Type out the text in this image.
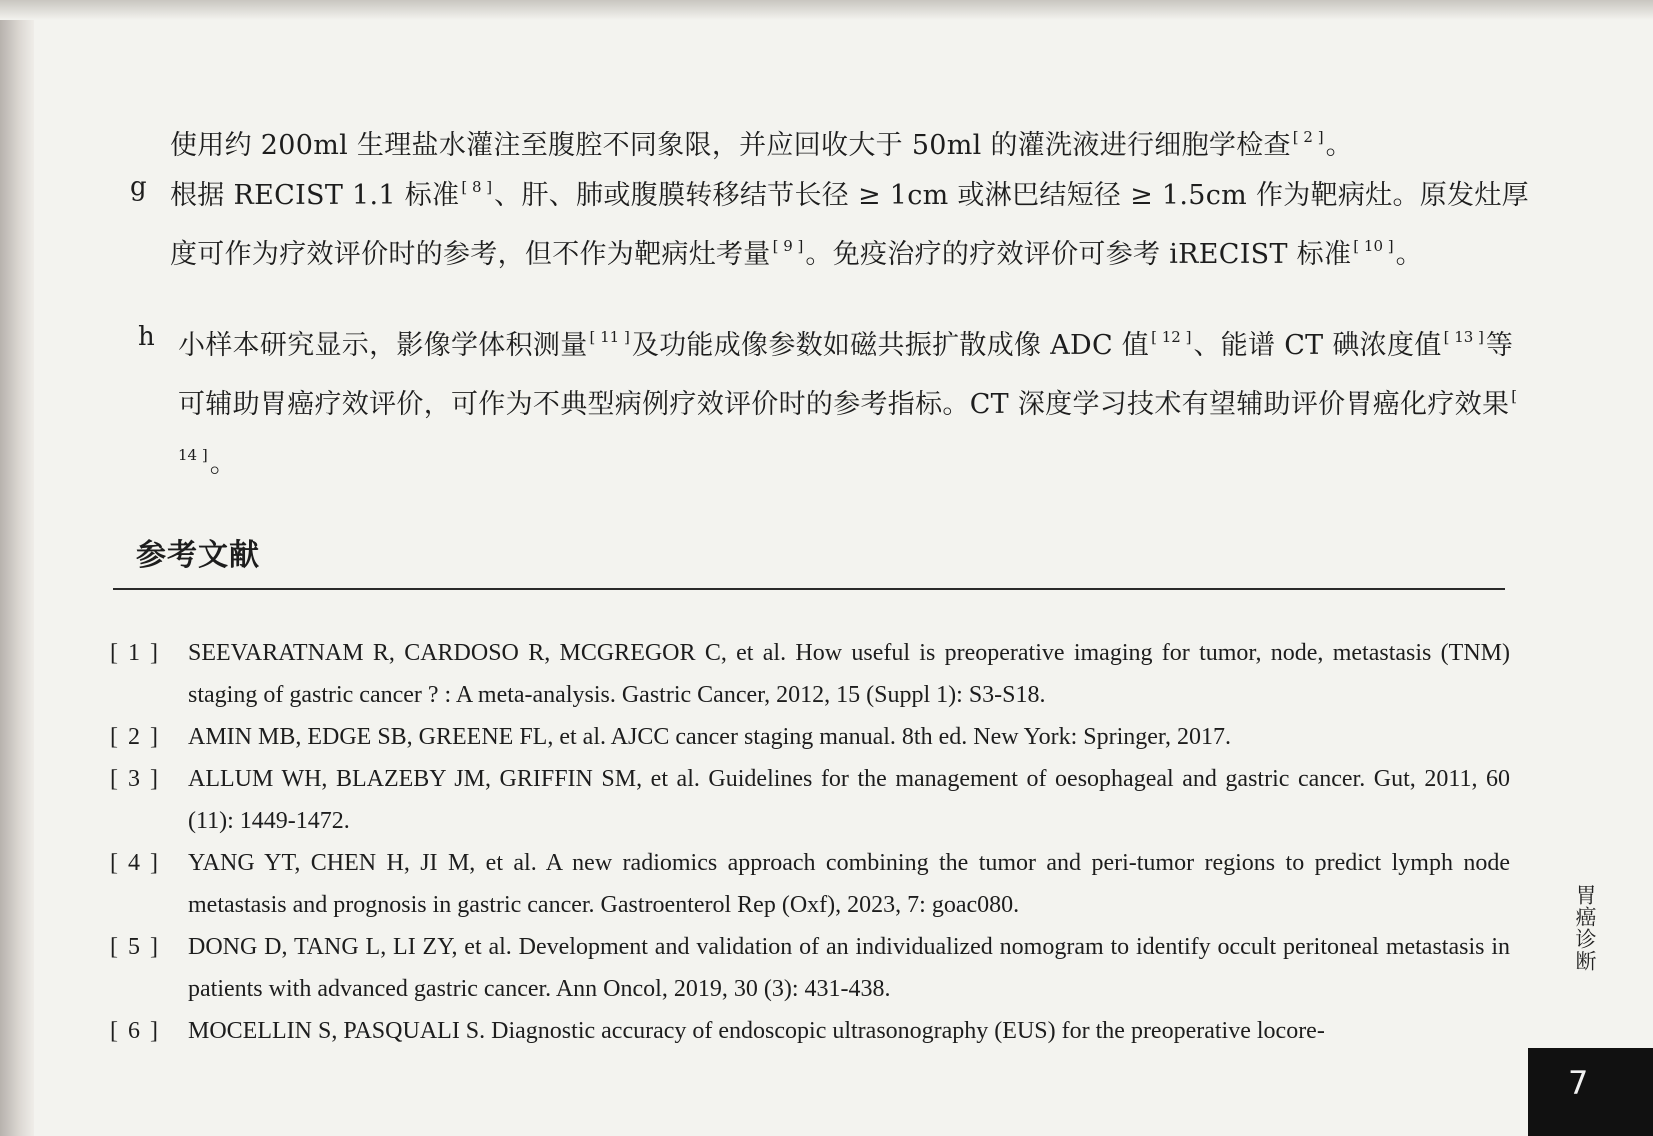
使用约 200ml 生理盐水灌注至腹腔不同象限，并应回收大于 50ml 的灌洗液进行细胞学检查 [ 2 ]。
g 根据 RECIST 1.1 标准 [ 8 ]、肝、肺或腹膜转移结节长径 ≥ 1cm 或淋巴结短径 ≥ 1.5cm 作为靶病灶。原发灶厚度可作为疗效评价时的参考，但不作为靶病灶考量 [ 9 ]。免疫治疗的疗效评价可参考 iRECIST 标准 [ 10 ]。
h 小样本研究显示，影像学体积测量 [ 11 ]及功能成像参数如磁共振扩散成像 ADC 值 [ 12 ]、能谱 CT 碘浓度值 [ 13 ]等可辅助胃癌疗效评价，可作为不典型病例疗效评价时的参考指标。CT 深度学习技术有望辅助评价胃癌化疗效果 [ 14 ]。
参考文献
[ 1 ]	SEEVARATNAM R, CARDOSO R, MCGREGOR C, et al. How useful is preoperative imaging for tumor, node, metastasis (TNM) staging of gastric cancer ? : A meta-analysis. Gastric Cancer, 2012, 15 (Suppl 1): S3-S18.
[ 2 ]	AMIN MB, EDGE SB, GREENE FL, et al. AJCC cancer staging manual. 8th ed. New York: Springer, 2017.
[ 3 ]	ALLUM WH, BLAZEBY JM, GRIFFIN SM, et al. Guidelines for the management of oesophageal and gastric cancer. Gut, 2011, 60 (11): 1449-1472.
[ 4 ]	YANG YT, CHEN H, JI M, et al. A new radiomics approach combining the tumor and peri-tumor regions to predict lymph node metastasis and prognosis in gastric cancer. Gastroenterol Rep (Oxf), 2023, 7: goac080.
[ 5 ]	DONG D, TANG L, LI ZY, et al. Development and validation of an individualized nomogram to identify occult peritoneal metastasis in patients with advanced gastric cancer. Ann Oncol, 2019, 30 (3): 431-438.
[ 6 ]	MOCELLIN S, PASQUALI S. Diagnostic accuracy of endoscopic ultrasonography (EUS) for the preoperative locore-
胃癌诊断
7
